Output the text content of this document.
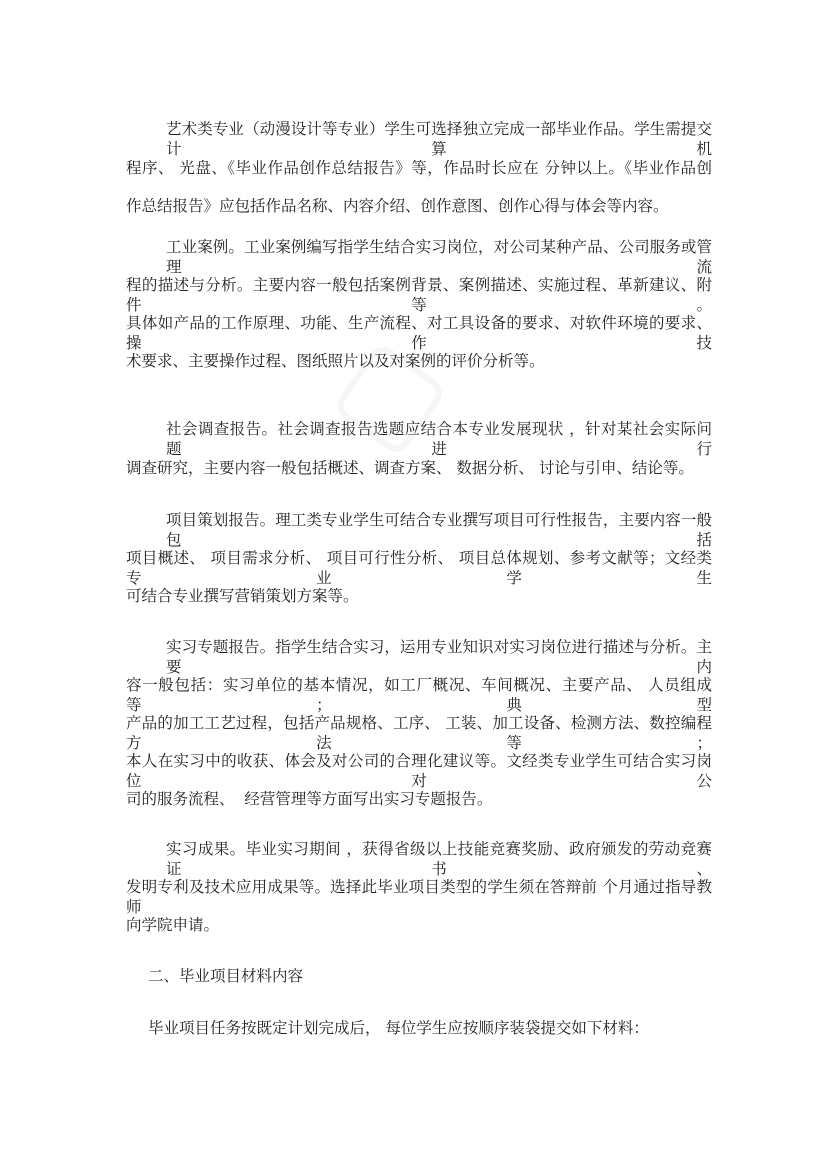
艺术类专业（动漫设计等专业）学生可选择独立完成一部毕业作品。学生需提交计算机
程序、 光盘、《毕业作品创作总结报告》等，作品时长应在 分钟以上。《毕业作品创
作总结报告》应包括作品名称、内容介绍、创作意图、创作心得与体会等内容。
工业案例。工业案例编写指学生结合实习岗位，对公司某种产品、公司服务或管理流
程的描述与分析。主要内容一般包括案例背景、案例描述、实施过程、革新建议、附件等。
具体如产品的工作原理、功能、生产流程、对工具设备的要求、对软件环境的要求、操作技
术要求、主要操作过程、图纸照片以及对案例的评价分析等。
社会调查报告。社会调查报告选题应结合本专业发展现状 ，针对某社会实际问题进行
调查研究，主要内容一般包括概述、调查方案、 数据分析、 讨论与引申、结论等。
项目策划报告。理工类专业学生可结合专业撰写项目可行性报告，主要内容一般包括
项目概述、 项目需求分析、 项目可行性分析、 项目总体规划、参考文献等；文经类专业学生
可结合专业撰写营销策划方案等。
实习专题报告。指学生结合实习，运用专业知识对实习岗位进行描述与分析。主要内
容一般包括：实习单位的基本情况，如工厂概况、车间概况、主要产品、 人员组成等；典型
产品的加工工艺过程，包括产品规格、工序、 工装、加工设备、检测方法、数控编程方法等；
本人在实习中的收获、体会及对公司的合理化建议等。文经类专业学生可结合实习岗位对公
司的服务流程、  经营管理等方面写出实习专题报告。
实习成果。毕业实习期间 ，获得省级以上技能竞赛奖励、政府颁发的劳动竞赛证书、
发明专利及技术应用成果等。选择此毕业项目类型的学生须在答辩前 个月通过指导教师
向学院申请。
二、毕业项目材料内容
毕业项目任务按既定计划完成后， 每位学生应按顺序装袋提交如下材料：
